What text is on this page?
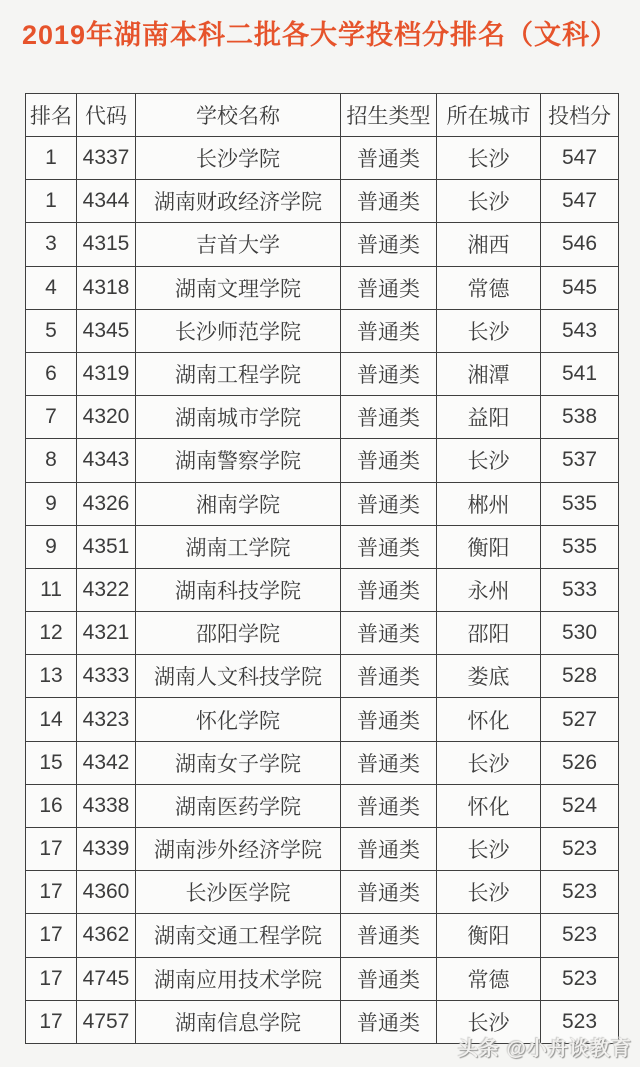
2019年湖南本科二批各大学投档分排名（文科）
排名	代码	学校名称	招生类型	所在城市	投档分
1	4337	长沙学院	普通类	长沙	547
1	4344	湖南财政经济学院	普通类	长沙	547
3	4315	吉首大学	普通类	湘西	546
4	4318	湖南文理学院	普通类	常德	545
5	4345	长沙师范学院	普通类	长沙	543
6	4319	湖南工程学院	普通类	湘潭	541
7	4320	湖南城市学院	普通类	益阳	538
8	4343	湖南警察学院	普通类	长沙	537
9	4326	湘南学院	普通类	郴州	535
9	4351	湖南工学院	普通类	衡阳	535
11	4322	湖南科技学院	普通类	永州	533
12	4321	邵阳学院	普通类	邵阳	530
13	4333	湖南人文科技学院	普通类	娄底	528
14	4323	怀化学院	普通类	怀化	527
15	4342	湖南女子学院	普通类	长沙	526
16	4338	湖南医药学院	普通类	怀化	524
17	4339	湖南涉外经济学院	普通类	长沙	523
17	4360	长沙医学院	普通类	长沙	523
17	4362	湖南交通工程学院	普通类	衡阳	523
17	4745	湖南应用技术学院	普通类	常德	523
17	4757	湖南信息学院	普通类	长沙	523
头条 @小舟谈教育
